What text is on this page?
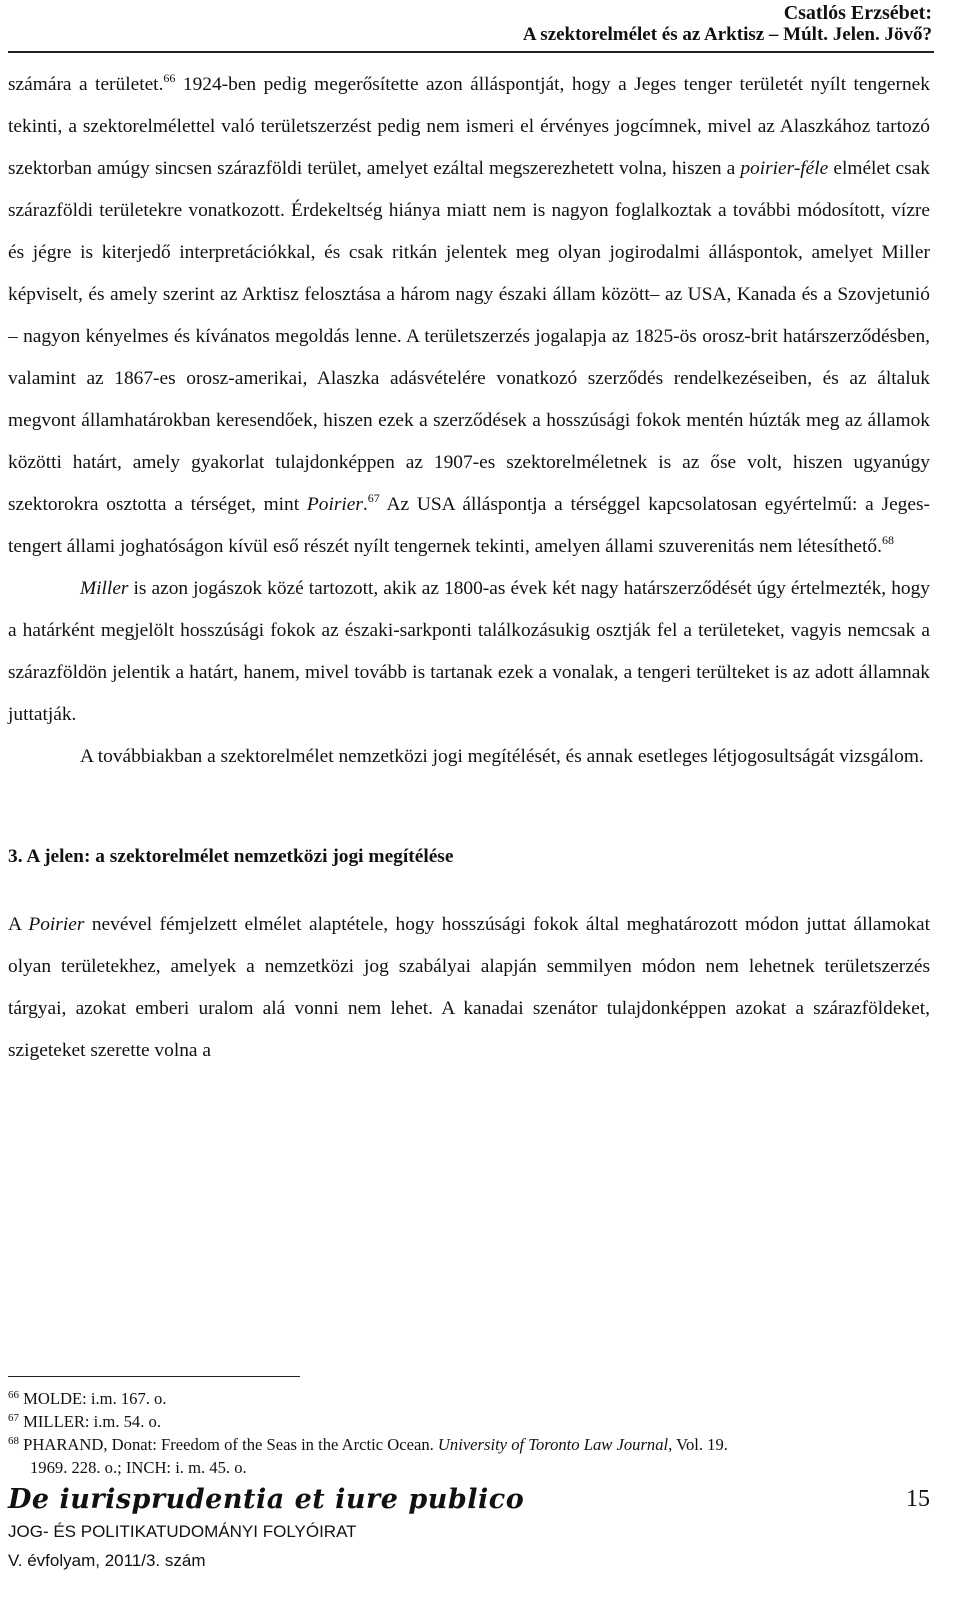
Csatlós Erzsébet:
A szektorelmélet és az Arktisz – Múlt. Jelen. Jövő?

számára a területet.$^{66}$ 1924-ben pedig megerősítette azon álláspontját, hogy a Jeges tenger területét nyílt tengernek tekinti, a szektorelmélettel való területszerzést pedig nem ismeri el érvényes jogcímnek, mivel az Alaszkához tartozó szektorban amúgy sincsen szárazföldi terület, amelyet ezáltal megszerezhetett volna, hiszen a poirier-féle elmélet csak szárazföldi területekre vonatkozott. Érdekeltség hiánya miatt nem is nagyon foglalkoztak a további módosított, vízre és jégre is kiterjedő interpretációkkal, és csak ritkán jelentek meg olyan jogirodalmi álláspontok, amelyet Miller képviselt, és amely szerint az Arktisz felosztása a három nagy északi állam között– az USA, Kanada és a Szovjetunió – nagyon kényelmes és kívánatos megoldás lenne. A területszerzés jogalapja az 1825-ös orosz-brit határszerződésben, valamint az 1867-es orosz-amerikai, Alaszka adásvételére vonatkozó szerződés rendelkezéseiben, és az általuk megvont államhatárokban keresendőek, hiszen ezek a szerződések a hosszúsági fokok mentén húzták meg az államok közötti határt, amely gyakorlat tulajdonképpen az 1907-es szektorelméletnek is az őse volt, hiszen ugyanúgy szektorokra osztotta a térséget, mint Poirier.$^{67}$ Az USA álláspontja a térséggel kapcsolatosan egyértelmű: a Jeges-tengert állami joghatóságon kívül eső részét nyílt tengernek tekinti, amelyen állami szuverenitás nem létesíthető.$^{68}$

Miller is azon jogászok közé tartozott, akik az 1800-as évek két nagy határszerződését úgy értelmezték, hogy a határként megjelölt hosszúsági fokok az északi-sarkponti találkozásukig osztják fel a területeket, vagyis nemcsak a szárazföldön jelentik a határt, hanem, mivel tovább is tartanak ezek a vonalak, a tengeri terülteket is az adott államnak juttatják.

A továbbiakban a szektorelmélet nemzetközi jogi megítélését, és annak esetleges létjogosultságát vizsgálom.

3. A jelen: a szektorelmélet nemzetközi jogi megítélése

A Poirier nevével fémjelzett elmélet alaptétele, hogy hosszúsági fokok által meghatározott módon juttat államokat olyan területekhez, amelyek a nemzetközi jog szabályai alapján semmilyen módon nem lehetnek területszerzés tárgyai, azokat emberi uralom alá vonni nem lehet. A kanadai szenátor tulajdonképpen azokat a szárazföldeket, szigeteket szerette volna a

$^{66}$ MOLDE: i.m. 167. o.

$^{67}$ MILLER: i.m. 54. o.

$^{68}$ PHARAND, Donat: Freedom of the Seas in the Arctic Ocean. University of Toronto Law Journal, Vol. 19.
1969. 228. o.; INCH: i. m. 45. o.

De iurisprudentia et iure publico	15
JOG- ÉS POLITIKATUDOMÁNYI FOLYÓIRAT
V. évfolyam, 2011/3. szám
